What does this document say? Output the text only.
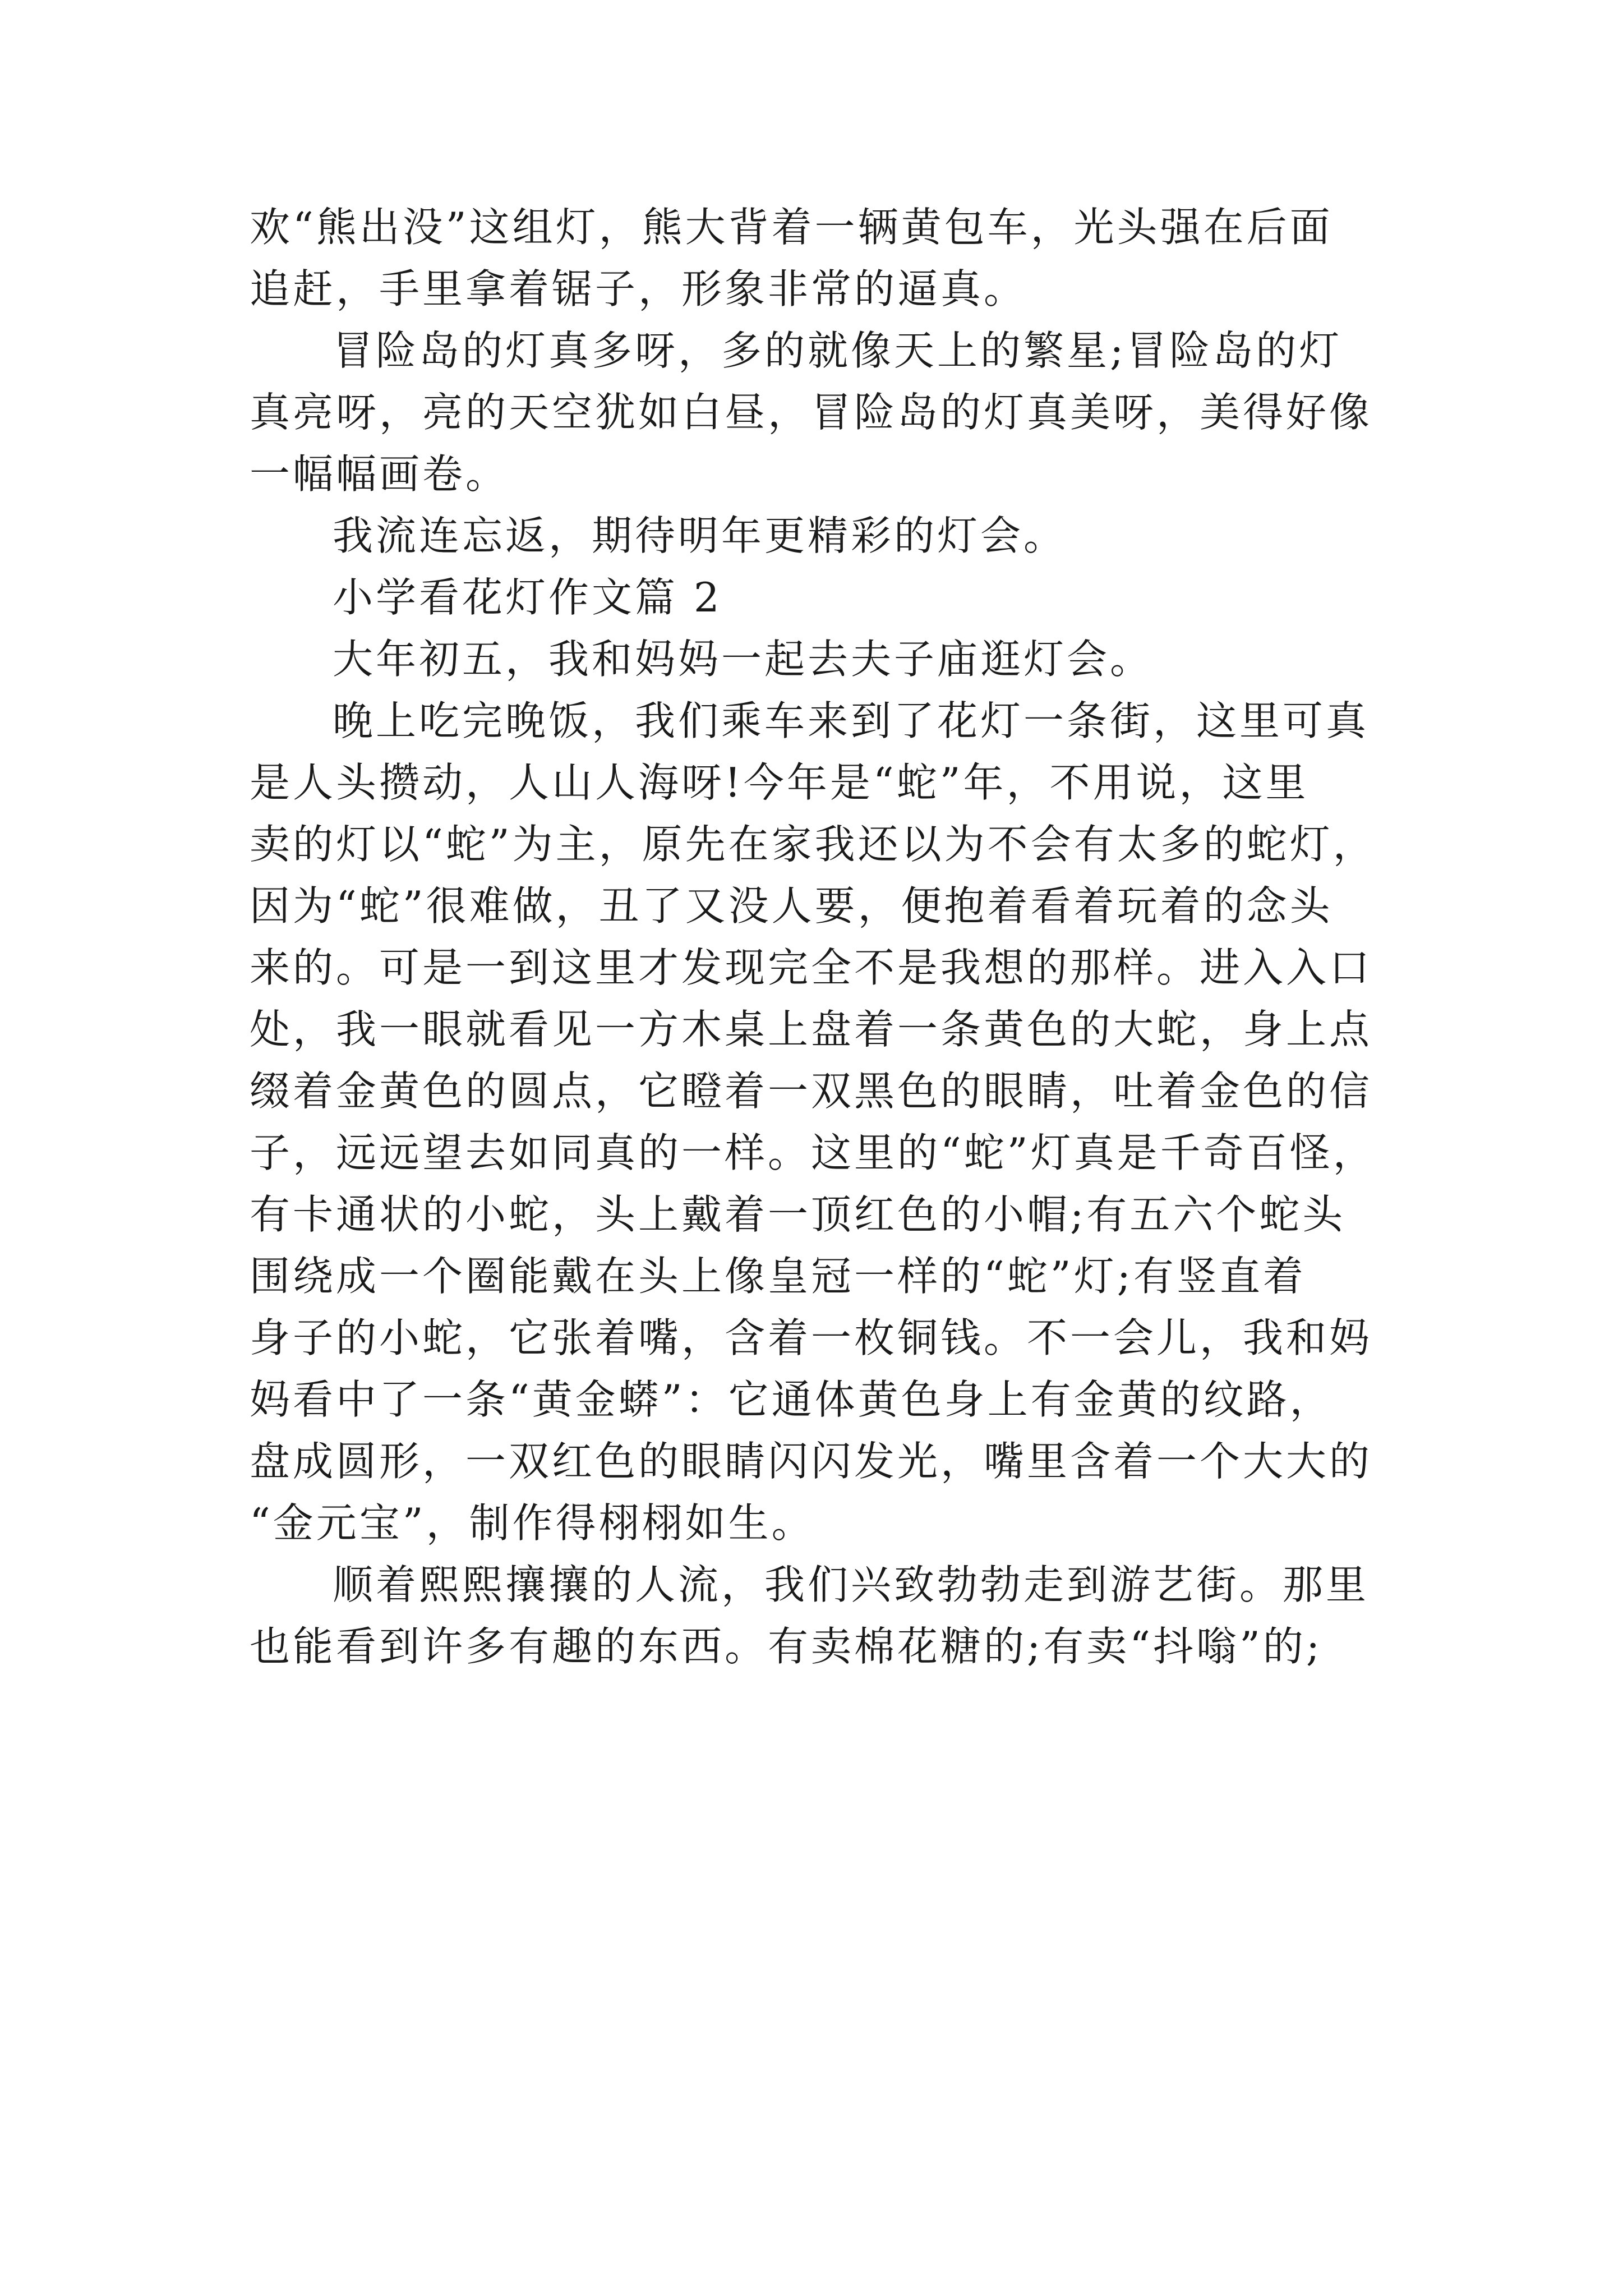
欢“熊出没”这组灯，熊大背着一辆黄包车，光头强在后面
追赶，手里拿着锯子，形象非常的逼真。
冒险岛的灯真多呀，多的就像天上的繁星;冒险岛的灯
真亮呀，亮的天空犹如白昼，冒险岛的灯真美呀，美得好像
一幅幅画卷。
我流连忘返，期待明年更精彩的灯会。
小学看花灯作文篇 2
大年初五，我和妈妈一起去夫子庙逛灯会。
晚上吃完晚饭，我们乘车来到了花灯一条街，这里可真
是人头攒动，人山人海呀!今年是“蛇”年，不用说，这里
卖的灯以“蛇”为主，原先在家我还以为不会有太多的蛇灯，
因为“蛇”很难做，丑了又没人要，便抱着看着玩着的念头
来的。可是一到这里才发现完全不是我想的那样。进入入口
处，我一眼就看见一方木桌上盘着一条黄色的大蛇，身上点
缀着金黄色的圆点，它瞪着一双黑色的眼睛，吐着金色的信
子，远远望去如同真的一样。这里的“蛇”灯真是千奇百怪，
有卡通状的小蛇，头上戴着一顶红色的小帽;有五六个蛇头
围绕成一个圈能戴在头上像皇冠一样的“蛇”灯;有竖直着
身子的小蛇，它张着嘴，含着一枚铜钱。不一会儿，我和妈
妈看中了一条“黄金蟒”：它通体黄色身上有金黄的纹路，
盘成圆形，一双红色的眼睛闪闪发光，嘴里含着一个大大的
“金元宝”，制作得栩栩如生。
顺着熙熙攘攘的人流，我们兴致勃勃走到游艺街。那里
也能看到许多有趣的东西。有卖棉花糖的;有卖“抖嗡”的;
